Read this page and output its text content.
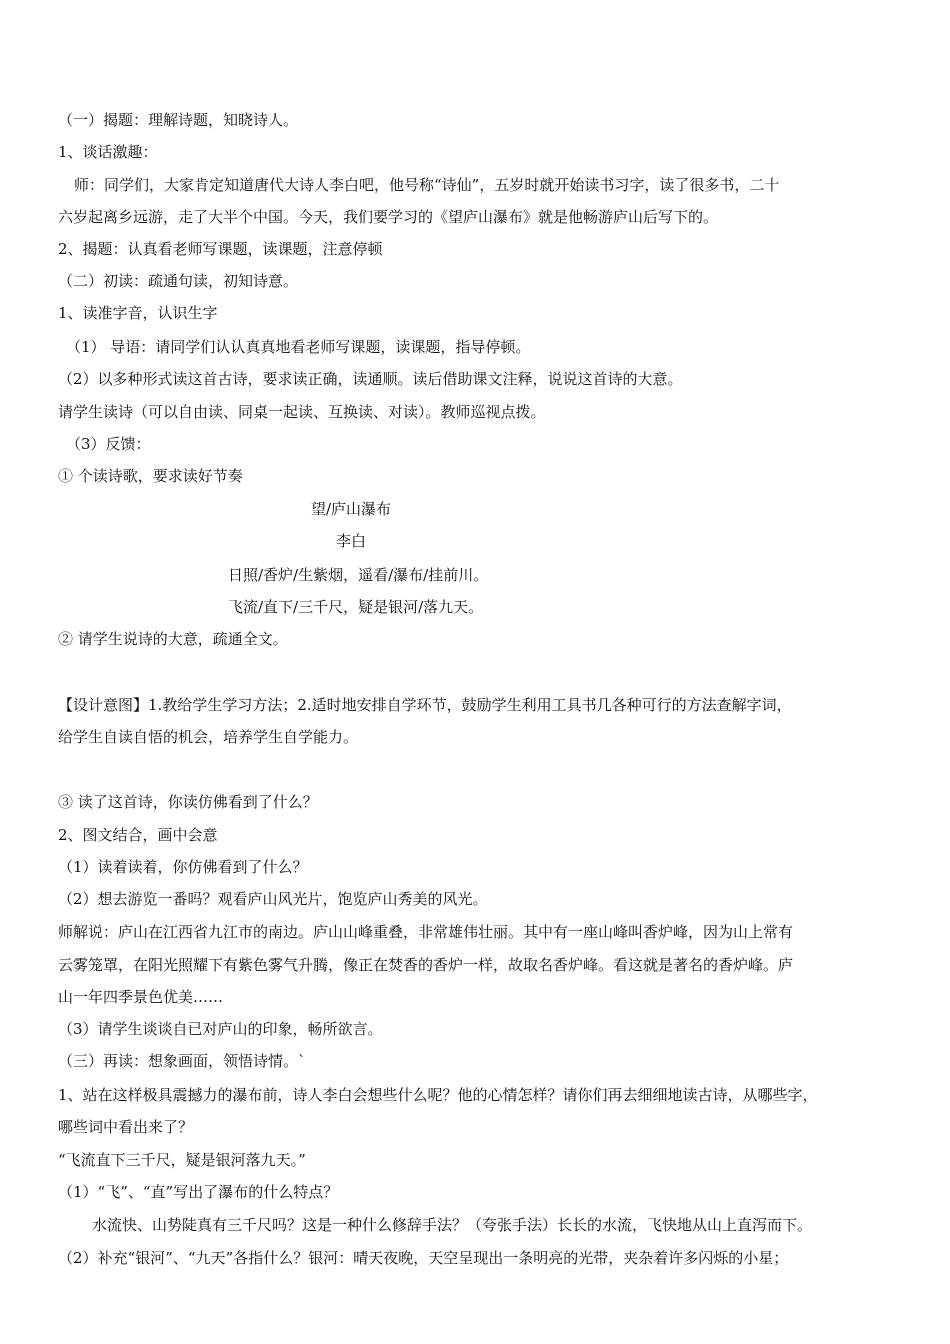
（一）揭题：理解诗题，知晓诗人。
1、谈话激趣：
师：同学们，大家肯定知道唐代大诗人李白吧，他号称“诗仙”，五岁时就开始读书习字，读了很多书，二十
六岁起离乡远游，走了大半个中国。今天，我们要学习的《望庐山瀑布》就是他畅游庐山后写下的。
2、揭题：认真看老师写课题，读课题，注意停顿
（二）初读：疏通句读，初知诗意。
1、读准字音，认识生字
（1） 导语：请同学们认认真真地看老师写课题，读课题，指导停顿。
（2）以多种形式读这首古诗，要求读正确，读通顺。读后借助课文注释，说说这首诗的大意。
请学生读诗（可以自由读、同桌一起读、互换读、对读）。教师巡视点拨。
（3）反馈：
① 个读诗歌，要求读好节奏
望/庐山瀑布
李白
日照/香炉/生紫烟，遥看/瀑布/挂前川。
飞流/直下/三千尺，疑是银河/落九天。
② 请学生说诗的大意，疏通全文。
【设计意图】1.教给学生学习方法；2.适时地安排自学环节，鼓励学生利用工具书几各种可行的方法查解字词，
给学生自读自悟的机会，培养学生自学能力。
③ 读了这首诗，你读仿佛看到了什么？
2、图文结合，画中会意
（1）读着读着，你仿佛看到了什么？
（2）想去游览一番吗？观看庐山风光片，饱览庐山秀美的风光。
师解说：庐山在江西省九江市的南边。庐山山峰重叠，非常雄伟壮丽。其中有一座山峰叫香炉峰，因为山上常有
云雾笼罩，在阳光照耀下有紫色雾气升腾，像正在焚香的香炉一样，故取名香炉峰。看这就是著名的香炉峰。庐
山一年四季景色优美……
（3）请学生谈谈自已对庐山的印象，畅所欲言。
（三）再读：想象画面，领悟诗情。`
1、站在这样极具震撼力的瀑布前，诗人李白会想些什么呢？他的心情怎样？请你们再去细细地读古诗，从哪些字，
哪些词中看出来了？
“飞流直下三千尺，疑是银河落九天。”
（1）“飞”、“直”写出了瀑布的什么特点？
水流快、山势陡真有三千尺吗？这是一种什么修辞手法？（夸张手法）长长的水流，飞快地从山上直泻而下。
（2）补充“银河”、“九天”各指什么？银河：晴天夜晚，天空呈现出一条明亮的光带，夹杂着许多闪烁的小星；
